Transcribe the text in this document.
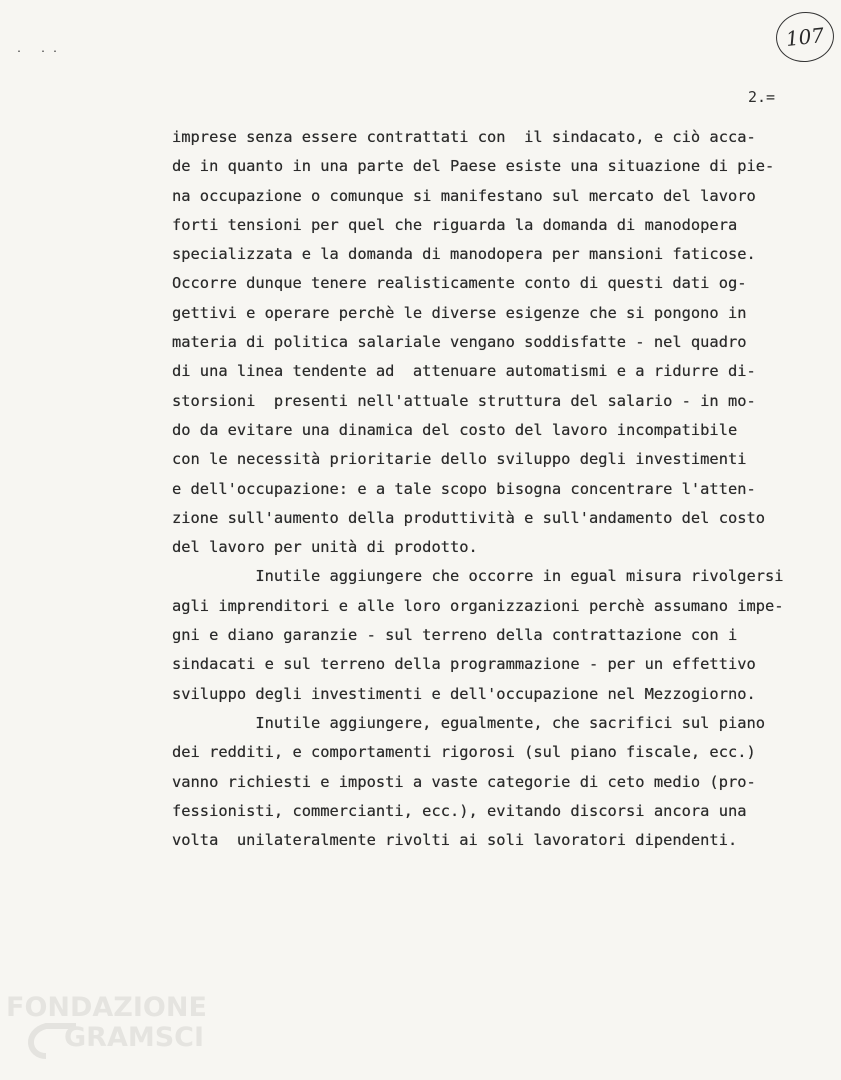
. ..	107
2.=
imprese senza essere contrattati con  il sindacato, e ciò acca-
de in quanto in una parte del Paese esiste una situazione di pie-
na occupazione o comunque si manifestano sul mercato del lavoro
forti tensioni per quel che riguarda la domanda di manodopera
specializzata e la domanda di manodopera per mansioni faticose.
Occorre dunque tenere realisticamente conto di questi dati og-
gettivi e operare perchè le diverse esigenze che si pongono in
materia di politica salariale vengano soddisfatte - nel quadro
di una linea tendente ad  attenuare automatismi e a ridurre di-
storsioni  presenti nell'attuale struttura del salario - in mo-
do da evitare una dinamica del costo del lavoro incompatibile
con le necessità prioritarie dello sviluppo degli investimenti
e dell'occupazione: e a tale scopo bisogna concentrare l'atten-
zione sull'aumento della produttività e sull'andamento del costo
del lavoro per unità di prodotto.
Inutile aggiungere che occorre in egual misura rivolgersi
agli imprenditori e alle loro organizzazioni perchè assumano impe-
gni e diano garanzie - sul terreno della contrattazione con i
sindacati e sul terreno della programmazione - per un effettivo
sviluppo degli investimenti e dell'occupazione nel Mezzogiorno.
Inutile aggiungere, egualmente, che sacrifici sul piano
dei redditi, e comportamenti rigorosi (sul piano fiscale, ecc.)
vanno richiesti e imposti a vaste categorie di ceto medio (pro-
fessionisti, commercianti, ecc.), evitando discorsi ancora una
volta  unilateralmente rivolti ai soli lavoratori dipendenti.
FONDAZIONE
GRAMSCI
